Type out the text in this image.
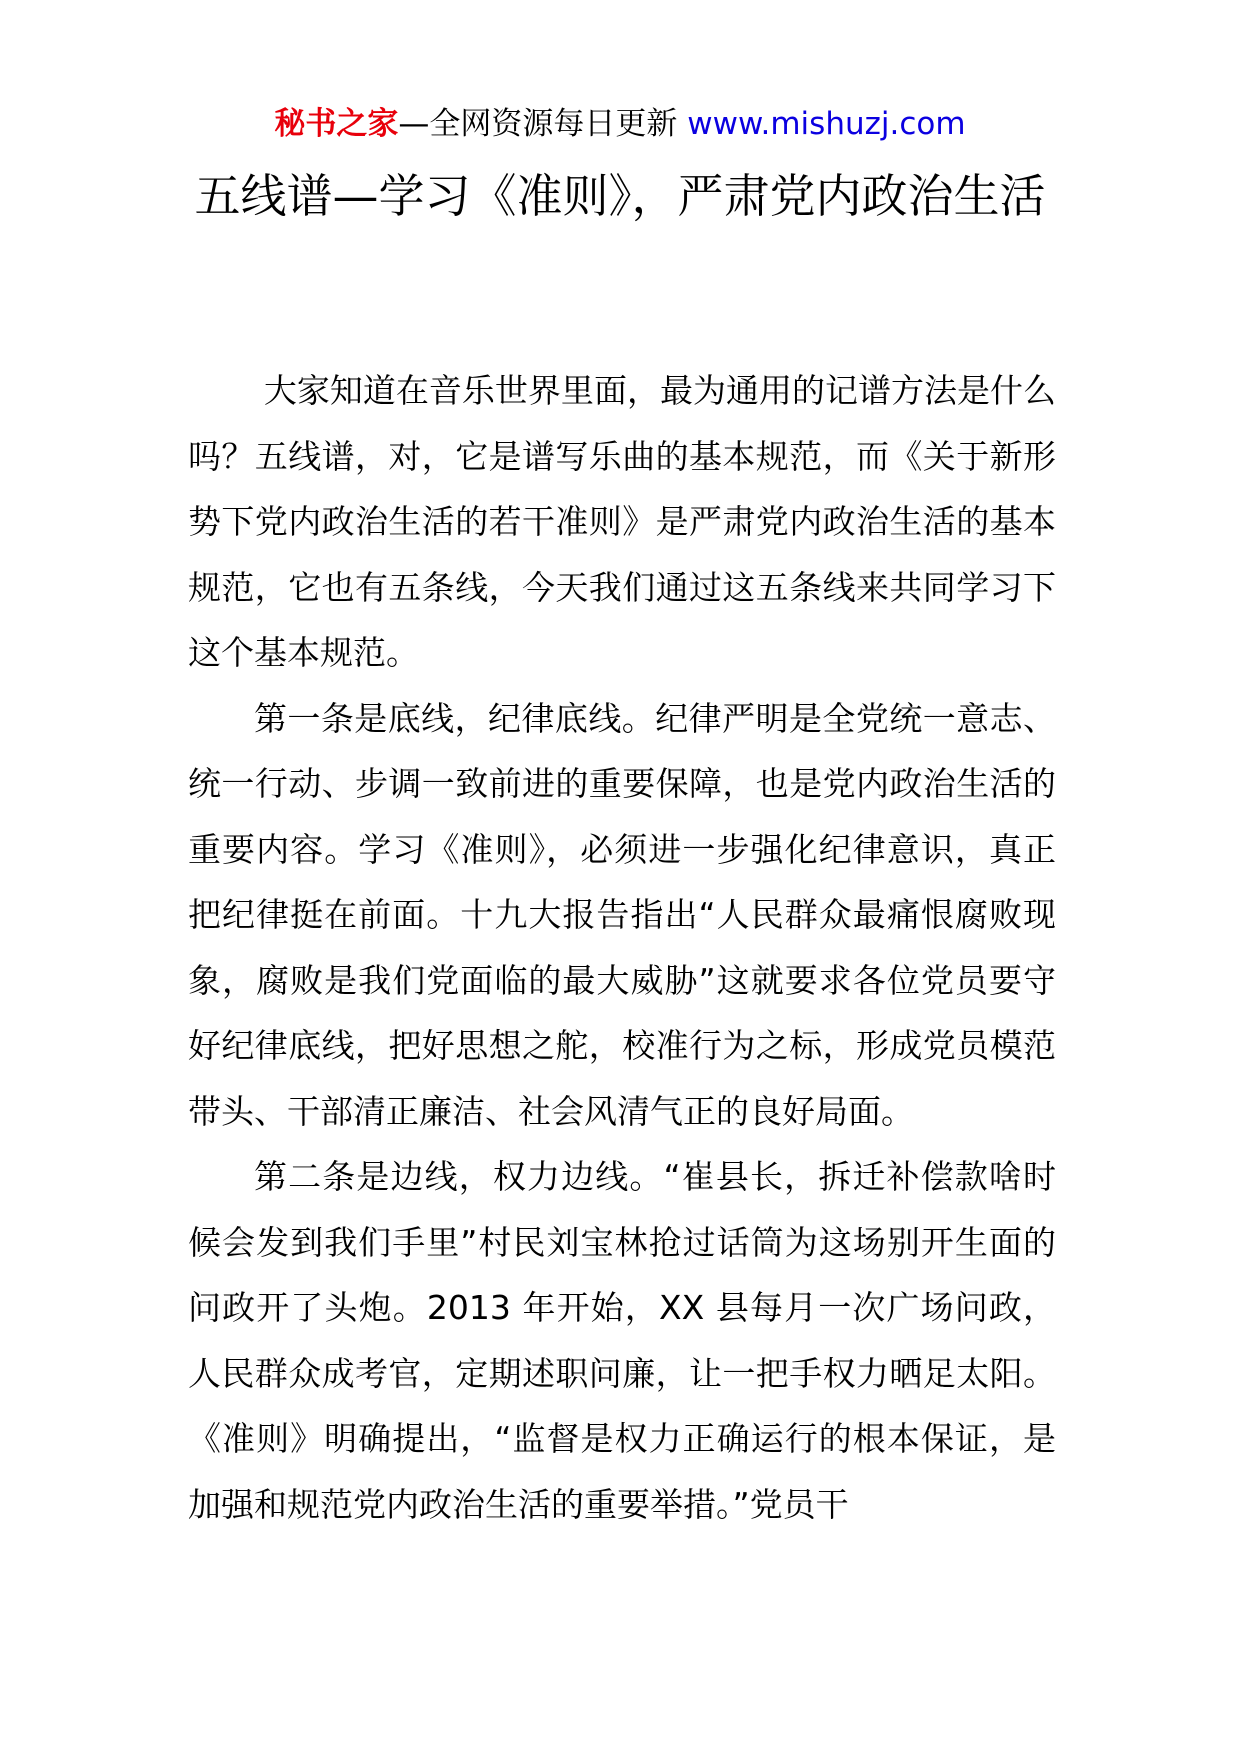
秘书之家—全网资源每日更新 www.mishuzj.com
五线谱—学习《准则》，严肃党内政治生活

大家知道在音乐世界里面，最为通用的记谱方法是什么吗？五线谱，对，它是谱写乐曲的基本规范，而《关于新形势下党内政治生活的若干准则》是严肃党内政治生活的基本规范，它也有五条线，今天我们通过这五条线来共同学习下这个基本规范。

第一条是底线，纪律底线。纪律严明是全党统一意志、统一行动、步调一致前进的重要保障，也是党内政治生活的重要内容。学习《准则》，必须进一步强化纪律意识，真正把纪律挺在前面。十九大报告指出“人民群众最痛恨腐败现象，腐败是我们党面临的最大威胁”这就要求各位党员要守好纪律底线，把好思想之舵，校准行为之标，形成党员模范带头、干部清正廉洁、社会风清气正的良好局面。

第二条是边线，权力边线。“崔县长，拆迁补偿款啥时候会发到我们手里”村民刘宝林抢过话筒为这场别开生面的问政开了头炮。2013 年开始，XX 县每月一次广场问政，人民群众成考官，定期述职问廉，让一把手权力晒足太阳。《准则》明确提出，“监督是权力正确运行的根本保证，是加强和规范党内政治生活的重要举措。”党员干
